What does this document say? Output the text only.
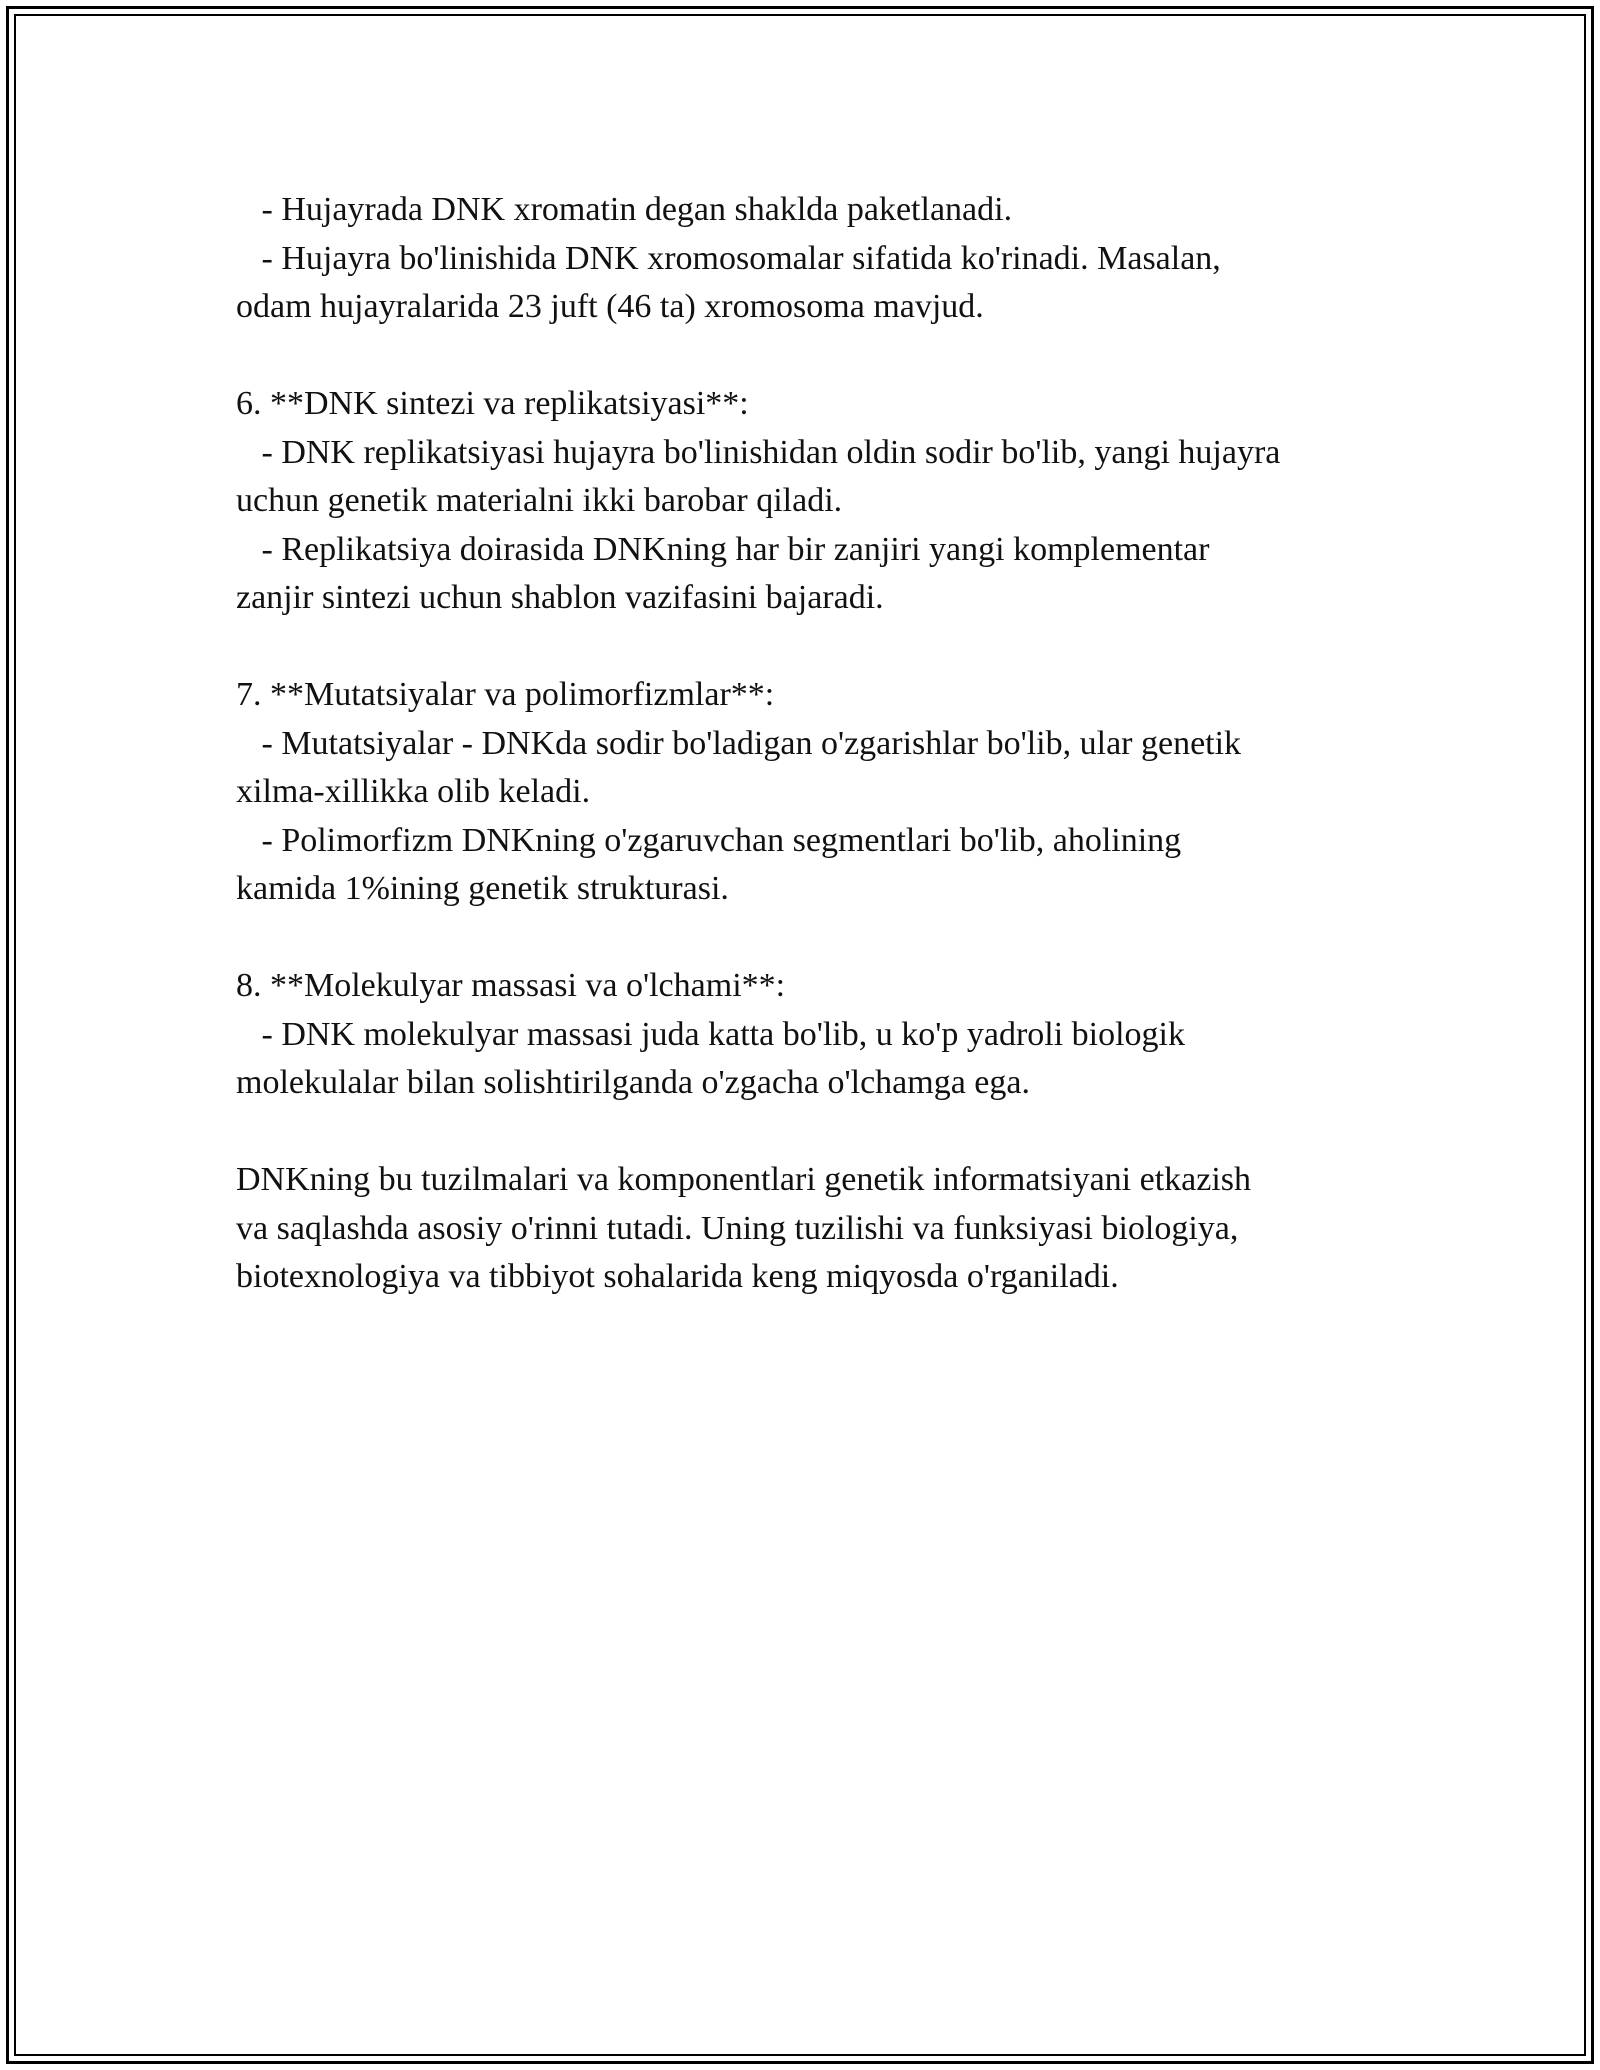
- Hujayrada DNK xromatin degan shaklda paketlanadi.

- Hujayra bo'linishida DNK xromosomalar sifatida ko'rinadi. Masalan,

odam hujayralarida 23 juft (46 ta) xromosoma mavjud.

6. **DNK sintezi va replikatsiyasi**:

- DNK replikatsiyasi hujayra bo'linishidan oldin sodir bo'lib, yangi hujayra

uchun genetik materialni ikki barobar qiladi.

- Replikatsiya doirasida DNKning har bir zanjiri yangi komplementar

zanjir sintezi uchun shablon vazifasini bajaradi.

7. **Mutatsiyalar va polimorfizmlar**:

- Mutatsiyalar - DNKda sodir bo'ladigan o'zgarishlar bo'lib, ular genetik

xilma-xillikka olib keladi.

- Polimorfizm DNKning o'zgaruvchan segmentlari bo'lib, aholining

kamida 1%ining genetik strukturasi.

8. **Molekulyar massasi va o'lchami**:

- DNK molekulyar massasi juda katta bo'lib, u ko'p yadroli biologik

molekulalar bilan solishtirilganda o'zgacha o'lchamga ega.

DNKning bu tuzilmalari va komponentlari genetik informatsiyani etkazish

va saqlashda asosiy o'rinni tutadi. Uning tuzilishi va funksiyasi biologiya,

biotexnologiya va tibbiyot sohalarida keng miqyosda o'rganiladi.
